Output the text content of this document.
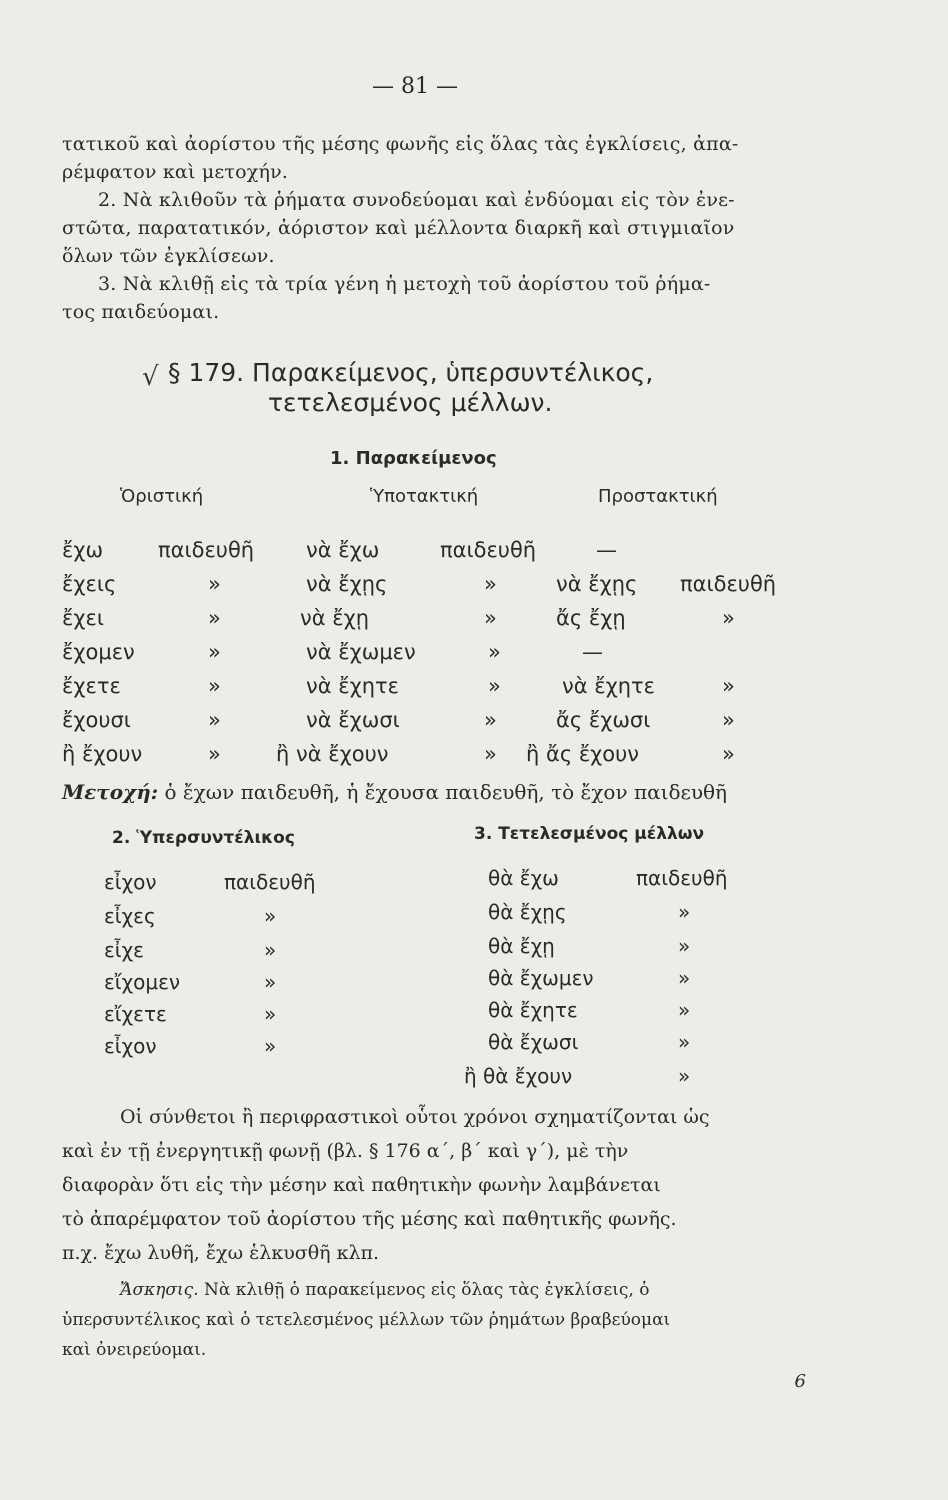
— 81 —
τατικοῦ καὶ ἀορίστου τῆς μέσης φωνῆς εἰς ὅλας τὰς ἐγκλίσεις, ἀπα-
ρέμφατον καὶ μετοχήν.
2. Νὰ κλιθοῦν τὰ ῥήματα συνοδεύομαι καὶ ἐνδύομαι εἰς τὸν ἐνε-
στῶτα, παρατατικόν, ἀόριστον καὶ μέλλοντα διαρκῆ καὶ στιγμιαῖον
ὅλων τῶν ἐγκλίσεων.
3. Νὰ κλιθῇ εἰς τὰ τρία γένη ἡ μετοχὴ τοῦ ἀορίστου τοῦ ῥήμα-
τος παιδεύομαι.
√ § 179. Παρακείμενος, ὑπερσυντέλικος,
τετελεσμένος μέλλων.
1. Παρακείμενος
Ὁριστική	Ὑποτακτική	Προστακτική
ἔχω	παιδευθῆ νὰ ἔχω	παιδευθῆ	—
ἔχεις	»	νὰ ἔχῃς	»	νὰ ἔχῃς παιδευθῆ
ἔχει	»	νὰ ἔχῃ	»	ἄς ἔχῃ	»
ἔχομεν	»	νὰ ἔχωμεν	»	—
ἔχετε	»	νὰ ἔχητε	»	νὰ ἔχητε	»
ἔχουσι	»	νὰ ἔχωσι	»	ἄς ἔχωσι	»
ἢ ἔχουν	»	ἢ νὰ ἔχουν	» ἢ ἄς ἔχουν	»
Μετοχή: ὁ ἔχων παιδευθῆ, ἡ ἔχουσα παιδευθῆ, τὸ ἔχον παιδευθῆ
2. Ὑπερσυντέλικος
εἶχον	παιδευθῆ
εἶχες	»
εἶχε	»
εἴχομεν	»
εἴχετε	»
εἶχον	»
3. Τετελεσμένος μέλλων
θὰ ἔχω	παιδευθῆ
θὰ ἔχῃς	»
θὰ ἔχῃ	»
θὰ ἔχωμεν	»
θὰ ἔχητε	»
θὰ ἔχωσι	»
ἢ θὰ ἔχουν	»
Οἱ σύνθετοι ἢ περιφραστικοὶ οὗτοι χρόνοι σχηματίζονται ὡς
καὶ ἐν τῇ ἐνεργητικῇ φωνῇ (βλ. § 176 α΄, β΄ καὶ γ΄), μὲ τὴν
διαφορὰν ὅτι εἰς τὴν μέσην καὶ παθητικὴν φωνὴν λαμβάνεται
τὸ ἀπαρέμφατον τοῦ ἀορίστου τῆς μέσης καὶ παθητικῆς φωνῆς.
π.χ. ἔχω λυθῆ, ἔχω ἑλκυσθῆ κλπ.
Ἄσκησις. Νὰ κλιθῇ ὁ παρακείμενος εἰς ὅλας τὰς ἐγκλίσεις, ὁ
ὑπερσυντέλικος καὶ ὁ τετελεσμένος μέλλων τῶν ῥημάτων βραβεύομαι
καὶ ὀνειρεύομαι.
6
